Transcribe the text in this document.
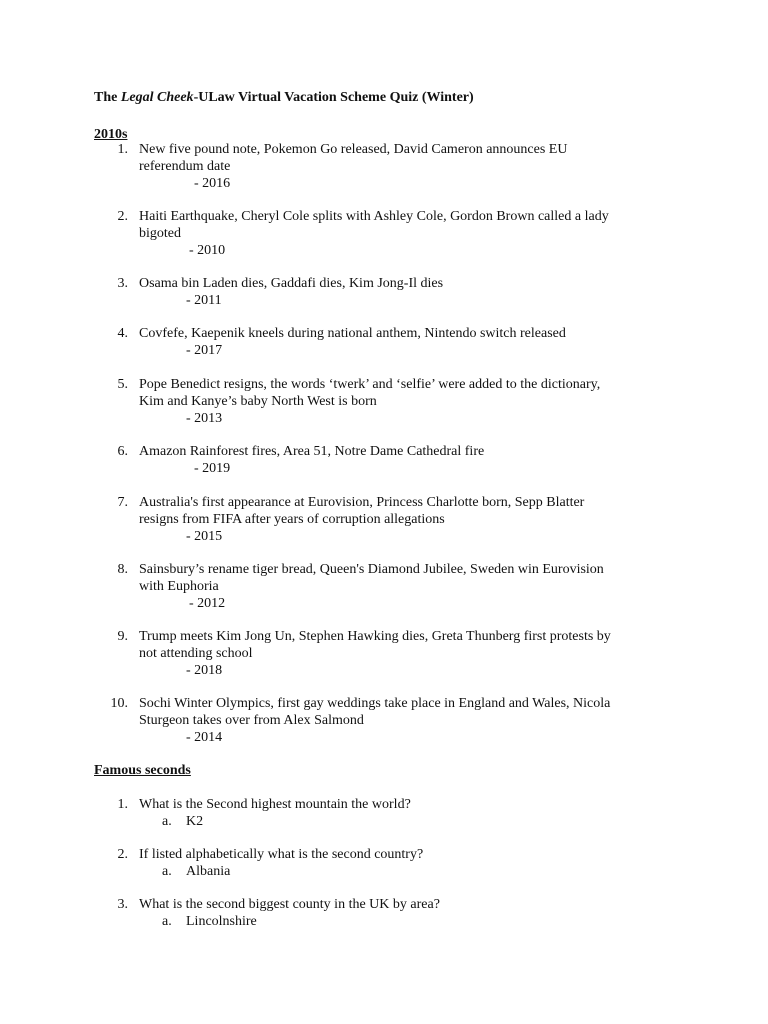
The Legal Cheek-ULaw Virtual Vacation Scheme Quiz (Winter)
2010s
1. New five pound note, Pokemon Go released, David Cameron announces EU
referendum date
- 2016
2. Haiti Earthquake, Cheryl Cole splits with Ashley Cole, Gordon Brown called a lady
bigoted
- 2010
3. Osama bin Laden dies, Gaddafi dies, Kim Jong-Il dies
- 2011
4. Covfefe, Kaepenik kneels during national anthem, Nintendo switch released
- 2017
5. Pope Benedict resigns, the words ‘twerk’ and ‘selfie’ were added to the dictionary,
Kim and Kanye’s baby North West is born
- 2013
6. Amazon Rainforest fires, Area 51, Notre Dame Cathedral fire
- 2019
7. Australia's first appearance at Eurovision, Princess Charlotte born, Sepp Blatter
resigns from FIFA after years of corruption allegations
- 2015
8. Sainsbury’s rename tiger bread, Queen's Diamond Jubilee, Sweden win Eurovision
with Euphoria
- 2012
9. Trump meets Kim Jong Un, Stephen Hawking dies, Greta Thunberg first protests by
not attending school
- 2018
10. Sochi Winter Olympics, first gay weddings take place in England and Wales, Nicola
Sturgeon takes over from Alex Salmond
- 2014
Famous seconds
1. What is the Second highest mountain the world?
a. K2
2. If listed alphabetically what is the second country?
a. Albania
3. What is the second biggest county in the UK by area?
a. Lincolnshire
